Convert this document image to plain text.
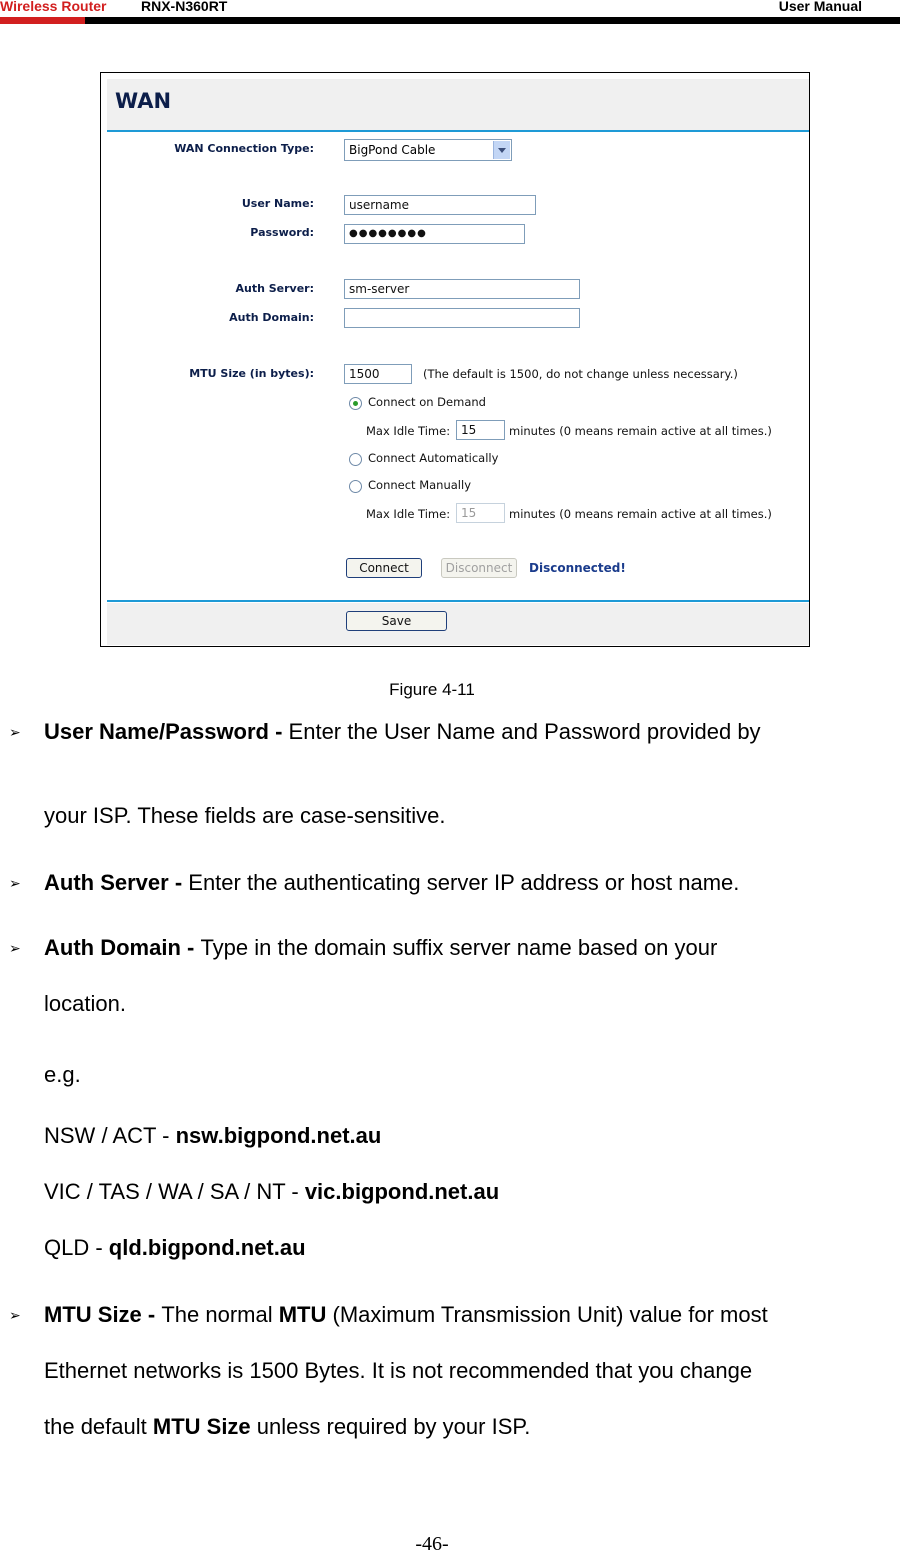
Wireless Router RNX-N360RT	User Manual
WAN
WAN Connection Type:	BigPond Cable
User Name:	username
Password:	●●●●●●●●
Auth Server:	sm-server
Auth Domain:
MTU Size (in bytes):	1500	(The default is 1500, do not change unless necessary.)
Connect on Demand
Max Idle Time: 15	minutes (0 means remain active at all times.)
Connect Automatically
Connect Manually
Max Idle Time: 15	minutes (0 means remain active at all times.)
Connect	Disconnect	Disconnected!
Save
Figure 4-11
➢ User Name/Password - Enter the User Name and Password provided by
your ISP. These fields are case-sensitive.
➢ Auth Server - Enter the authenticating server IP address or host name.
➢ Auth Domain - Type in the domain suffix server name based on your
location.
e.g.
NSW / ACT - nsw.bigpond.net.au
VIC / TAS / WA / SA / NT - vic.bigpond.net.au
QLD - qld.bigpond.net.au
➢ MTU Size - The normal MTU (Maximum Transmission Unit) value for most
Ethernet networks is 1500 Bytes. It is not recommended that you change
the default MTU Size unless required by your ISP.
-46-
